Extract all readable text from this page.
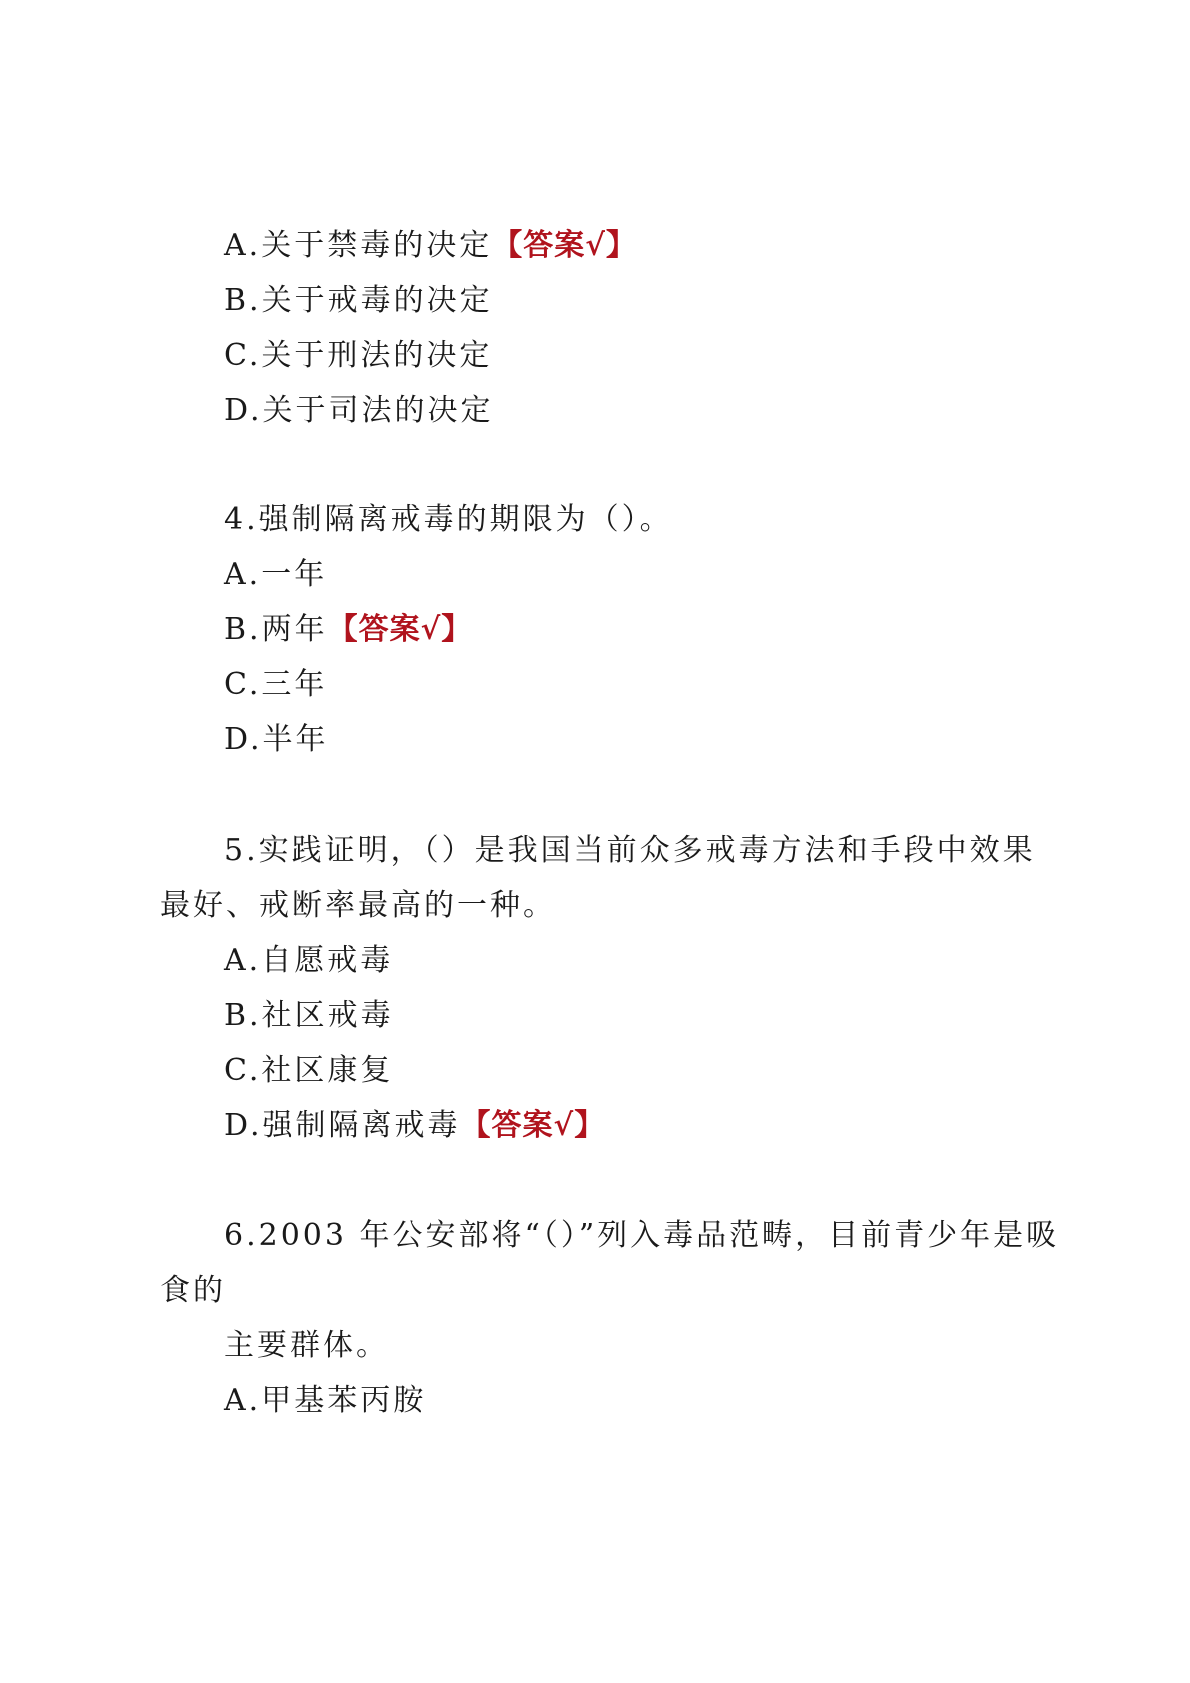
A.关于禁毒的决定【答案√】
B.关于戒毒的决定
C.关于刑法的决定
D.关于司法的决定
4.强制隔离戒毒的期限为（）。
A.一年
B.两年【答案√】
C.三年
D.半年
5.实践证明，（）是我国当前众多戒毒方法和手段中效果
最好、戒断率最高的一种。
A.自愿戒毒
B.社区戒毒
C.社区康复
D.强制隔离戒毒【答案√】
6.2003 年公安部将“（）”列入毒品范畴，目前青少年是吸
食的
主要群体。
A.甲基苯丙胺
